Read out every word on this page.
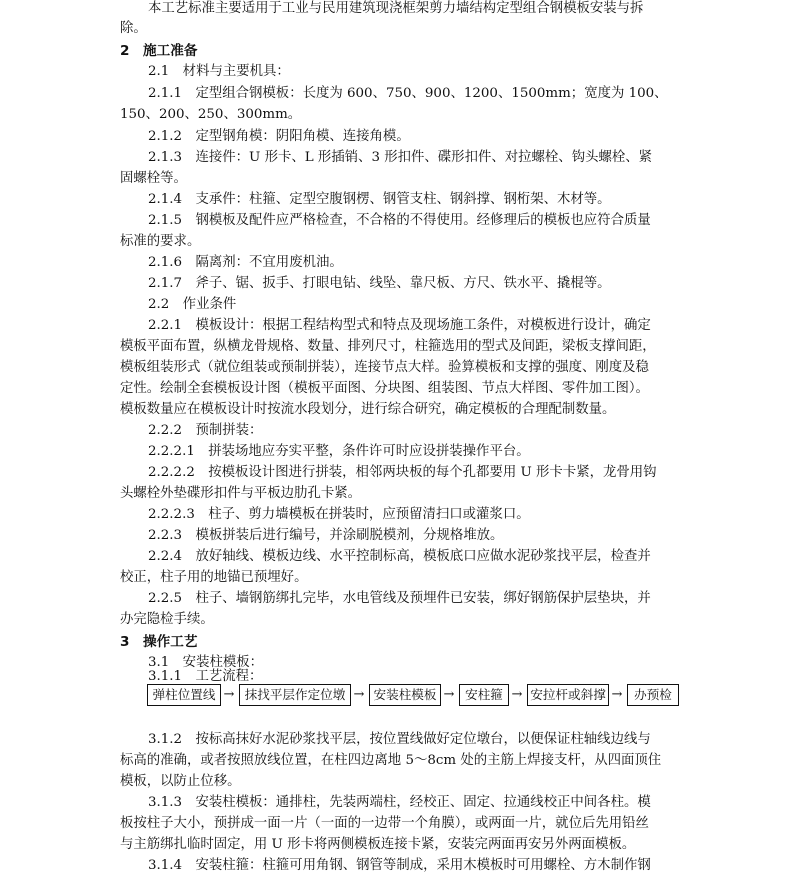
本工艺标准主要适用于工业与民用建筑现浇框架剪力墙结构定型组合钢模板安装与拆
除。
2　施工准备
2.1　材料与主要机具：
2.1.1　定型组合钢模板：长度为 600、750、900、1200、1500mm；宽度为 100、
150、200、250、300mm。
2.1.2　定型钢角模：阴阳角模、连接角模。
2.1.3　连接件：U 形卡、L 形插销、3 形扣件、碟形扣件、对拉螺栓、钩头螺栓、紧
固螺栓等。
2.1.4　支承件：柱箍、定型空腹钢楞、钢管支柱、钢斜撑、钢桁架、木材等。
2.1.5　钢模板及配件应严格检查，不合格的不得使用。经修理后的模板也应符合质量
标准的要求。
2.1.6　隔离剂：不宜用废机油。
2.1.7　斧子、锯、扳手、打眼电钻、线坠、靠尺板、方尺、铁水平、撬棍等。
2.2　作业条件
2.2.1　模板设计：根据工程结构型式和特点及现场施工条件，对模板进行设计，确定
模板平面布置，纵横龙骨规格、数量、排列尺寸，柱箍选用的型式及间距，梁板支撑间距，
模板组装形式（就位组装或预制拼装），连接节点大样。验算模板和支撑的强度、刚度及稳
定性。绘制全套模板设计图（模板平面图、分块图、组装图、节点大样图、零件加工图）。
模板数量应在模板设计时按流水段划分，进行综合研究，确定模板的合理配制数量。
2.2.2　预制拼装：
2.2.2.1　拼装场地应夯实平整，条件许可时应设拼装操作平台。
2.2.2.2　按模板设计图进行拼装，相邻两块板的每个孔都要用 U 形卡卡紧，龙骨用钩
头螺栓外垫碟形扣件与平板边肋孔卡紧。
2.2.2.3　柱子、剪力墙模板在拼装时，应预留清扫口或灌浆口。
2.2.3　模板拼装后进行编号，并涂刷脱模剂，分规格堆放。
2.2.4　放好轴线、模板边线、水平控制标高，模板底口应做水泥砂浆找平层，检查并
校正，柱子用的地锚已预埋好。
2.2.5　柱子、墙钢筋绑扎完毕，水电管线及预埋件已安装，绑好钢筋保护层垫块，并
办完隐检手续。
3　操作工艺
3.1　安装柱模板：
3.1.1　工艺流程：
弹柱位置线 → 抹找平层作定位墩 → 安装柱模板 → 安柱箍 → 安拉杆或斜撑 → 办预检
3.1.2　按标高抹好水泥砂浆找平层，按位置线做好定位墩台，以便保证柱轴线边线与
标高的准确，或者按照放线位置，在柱四边离地 5～8cm 处的主筋上焊接支杆，从四面顶住
模板，以防止位移。
3.1.3　安装柱模板：通排柱，先装两端柱，经校正、固定、拉通线校正中间各柱。模
板按柱子大小，预拼成一面一片（一面的一边带一个角膜），或两面一片，就位后先用铅丝
与主筋绑扎临时固定，用 U 形卡将两侧模板连接卡紧，安装完两面再安另外两面模板。
3.1.4　安装柱箍：柱箍可用角钢、钢管等制成，采用木模板时可用螺栓、方木制作钢
